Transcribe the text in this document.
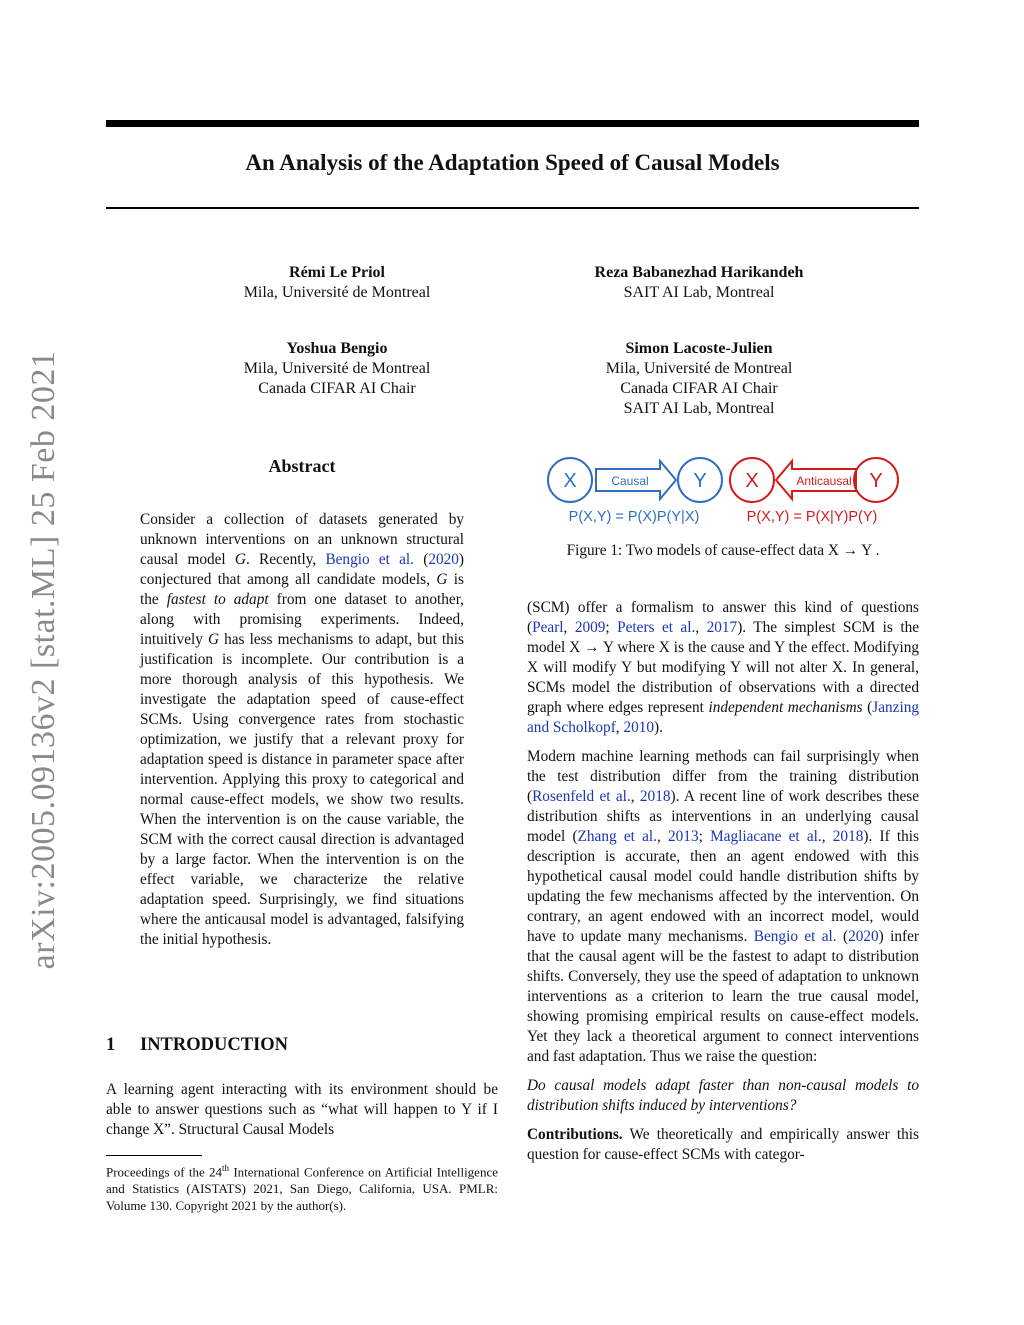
arXiv:2005.09136v2 [stat.ML] 25 Feb 2021
An Analysis of the Adaptation Speed of Causal Models
Rémi Le Priol
Mila, Université de Montreal
Reza Babanezhad Harikandeh
SAIT AI Lab, Montreal
Yoshua Bengio
Mila, Université de Montreal
Canada CIFAR AI Chair
Simon Lacoste-Julien
Mila, Université de Montreal
Canada CIFAR AI Chair
SAIT AI Lab, Montreal
Abstract

Consider a collection of datasets generated by unknown interventions on an unknown structural causal model G. Recently, Bengio et al. (2020) conjectured that among all candidate models, G is the fastest to adapt from one dataset to another, along with promising experiments. Indeed, intuitively G has less mechanisms to adapt, but this justification is incomplete. Our contribution is a more thorough analysis of this hypothesis. We investigate the adaptation speed of cause-effect SCMs. Using convergence rates from stochastic optimization, we justify that a relevant proxy for adaptation speed is distance in parameter space after intervention. Applying this proxy to categorical and normal cause-effect models, we show two results. When the intervention is on the cause variable, the SCM with the correct causal direction is advantaged by a large factor. When the intervention is on the effect variable, we characterize the relative adaptation speed. Surprisingly, we find situations where the anticausal model is advantaged, falsifying the initial hypothesis.

1 INTRODUCTION

A learning agent interacting with its environment should be able to answer questions such as “what will happen to Y if I change X”. Structural Causal Models

Proceedings of the 24th International Conference on Artificial Intelligence and Statistics (AISTATS) 2021, San Diego, California, USA. PMLR: Volume 130. Copyright 2021 by the author(s).
X	Causal Y
P(X,Y) = P(X)P(Y|X)
X	Anticausal Y
P(X,Y) = P(X|Y)P(Y)
Figure 1: Two models of cause-effect data X → Y .

(SCM) offer a formalism to answer this kind of questions (Pearl, 2009; Peters et al., 2017). The simplest SCM is the model X → Y where X is the cause and Y the effect. Modifying X will modify Y but modifying Y will not alter X. In general, SCMs model the distribution of observations with a directed graph where edges represent independent mechanisms (Janzing and Scholkopf, 2010).

Modern machine learning methods can fail surprisingly when the test distribution differ from the training distribution (Rosenfeld et al., 2018). A recent line of work describes these distribution shifts as interventions in an underlying causal model (Zhang et al., 2013; Magliacane et al., 2018). If this description is accurate, then an agent endowed with this hypothetical causal model could handle distribution shifts by updating the few mechanisms affected by the intervention. On contrary, an agent endowed with an incorrect model, would have to update many mechanisms. Bengio et al. (2020) infer that the causal agent will be the fastest to adapt to distribution shifts. Conversely, they use the speed of adaptation to unknown interventions as a criterion to learn the true causal model, showing promising empirical results on cause-effect models. Yet they lack a theoretical argument to connect interventions and fast adaptation. Thus we raise the question:

Do causal models adapt faster than non-causal models to distribution shifts induced by interventions?

Contributions. We theoretically and empirically answer this question for cause-effect SCMs with categor-
